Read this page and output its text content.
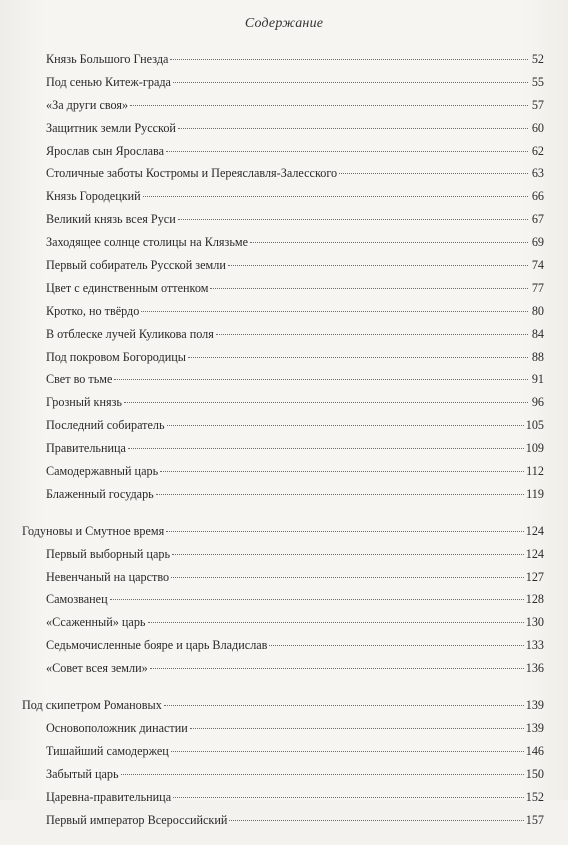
Содержание
Князь Большого Гнезда	52
Под сенью Китеж-града	55
«За други своя»	57
Защитник земли Русской	60
Ярослав сын Ярослава	62
Столичные заботы Костромы и Переяславля-Залесского	63
Князь Городецкий	66
Великий князь всея Руси	67
Заходящее солнце столицы на Клязьме	69
Первый собиратель Русской земли	74
Цвет с единственным оттенком	77
Кротко, но твёрдо	80
В отблеске лучей Куликова поля	84
Под покровом Богородицы	88
Свет во тьме	91
Грозный князь	96
Последний собиратель	105
Правительница	109
Самодержавный царь	112
Блаженный государь	119
Годуновы и Смутное время	124
Первый выборный царь	124
Невенчаный на царство	127
Самозванец	128
«Ссаженный» царь	130
Седьмочисленные бояре и царь Владислав	133
«Совет всея земли»	136
Под скипетром Романовых	139
Основоположник династии	139
Тишайший самодержец	146
Забытый царь	150
Царевна-правительница	152
Первый император Всероссийский	157
